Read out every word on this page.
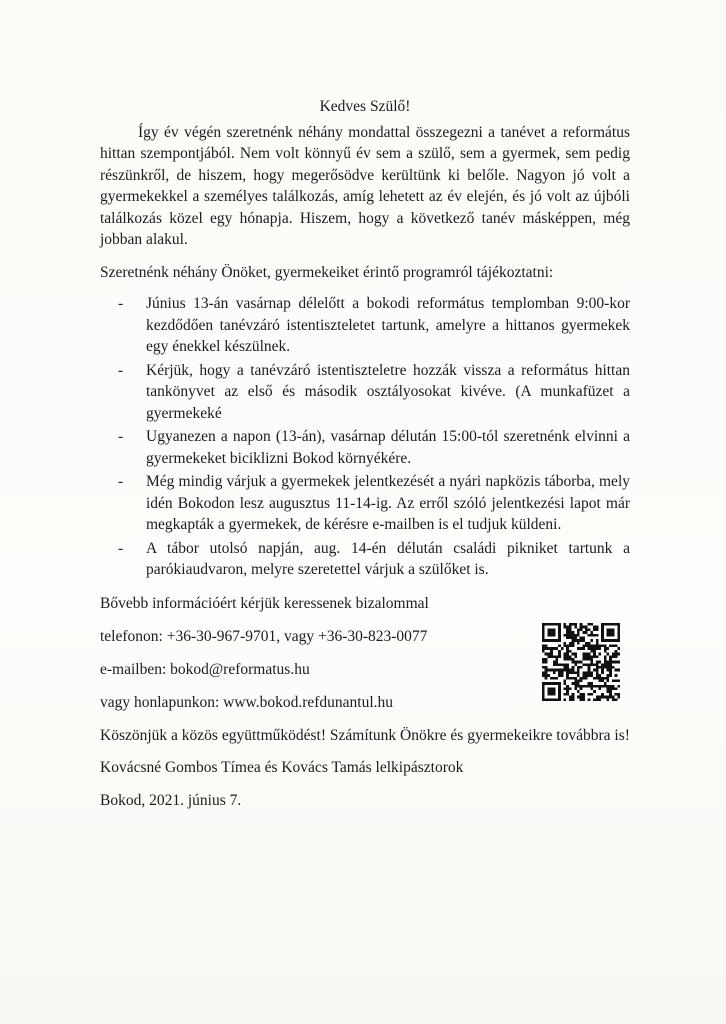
Kedves Szülő!

Így év végén szeretnénk néhány mondattal összegezni a tanévet a református hittan szempontjából. Nem volt könnyű év sem a szülő, sem a gyermek, sem pedig részünkről, de hiszem, hogy megerősödve kerültünk ki belőle. Nagyon jó volt a gyermekekkel a személyes találkozás, amíg lehetett az év elején, és jó volt az újbóli találkozás közel egy hónapja. Hiszem, hogy a következő tanév másképpen, még jobban alakul.

Szeretnénk néhány Önöket, gyermekeiket érintő programról tájékoztatni:

- Június 13-án vasárnap délelőtt a bokodi református templomban 9:00-kor kezdődően tanévzáró istentiszteletet tartunk, amelyre a hittanos gyermekek egy énekkel készülnek.
- Kérjük, hogy a tanévzáró istentiszteletre hozzák vissza a református hittan tankönyvet az első és második osztályosokat kivéve. (A munkafüzet a gyermekeké
- Ugyanezen a napon (13-án), vasárnap délután 15:00-tól szeretnénk elvinni a gyermekeket biciklizni Bokod környékére.
- Még mindig várjuk a gyermekek jelentkezését a nyári napközis táborba, mely idén Bokodon lesz augusztus 11-14-ig. Az erről szóló jelentkezési lapot már megkapták a gyermekek, de kérésre e-mailben is el tudjuk küldeni.
- A tábor utolsó napján, aug. 14-én délután családi pikniket tartunk a parókiaudvaron, melyre szeretettel várjuk a szülőket is.

Bővebb információért kérjük keressenek bizalommal

telefonon: +36-30-967-9701, vagy +36-30-823-0077

e-mailben: bokod@reformatus.hu

vagy honlapunkon: www.bokod.refdunantul.hu

Köszönjük a közös együttműködést! Számítunk Önökre és gyermekeikre továbbra is!

Kovácsné Gombos Tímea és Kovács Tamás lelkipásztorok

Bokod, 2021. június 7.
